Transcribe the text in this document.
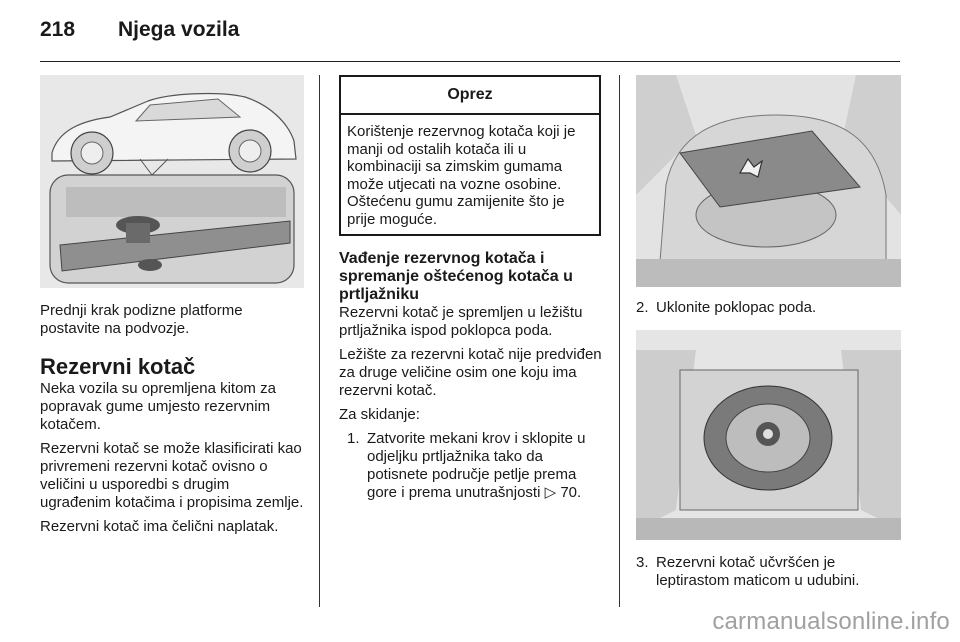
218	Njega vozila

Prednji krak podizne platforme postavite na podvozje.

Rezervni kotač

Neka vozila su opremljena kitom za popravak gume umjesto rezervnim kotačem.

Rezervni kotač se može klasificirati kao privremeni rezervni kotač ovisno o veličini u usporedbi s drugim ugrađenim kotačima i propisima zemlje.

Rezervni kotač ima čelični naplatak.

Oprez
Korištenje rezervnog kotača koji je manji od ostalih kotača ili u kombinaciji sa zimskim gumama može utjecati na vozne osobine. Oštećenu gumu zamijenite što je prije moguće.
Vađenje rezervnog kotača i spremanje oštećenog kotača u prtljažniku

Rezervni kotač je spremljen u ležištu prtljažnika ispod poklopca poda.

Ležište za rezervni kotač nije predviđen za druge veličine osim one koju ima rezervni kotač.

Za skidanje:

1. Zatvorite mekani krov i sklopite u odjeljku prtljažnika tako da potisnete područje petlje prema gore i prema unutrašnjosti ▷ 70.
2. Uklonite poklopac poda.
3. Rezervni kotač učvršćen je leptirastom maticom u udubini.
carmanualsonline.info
